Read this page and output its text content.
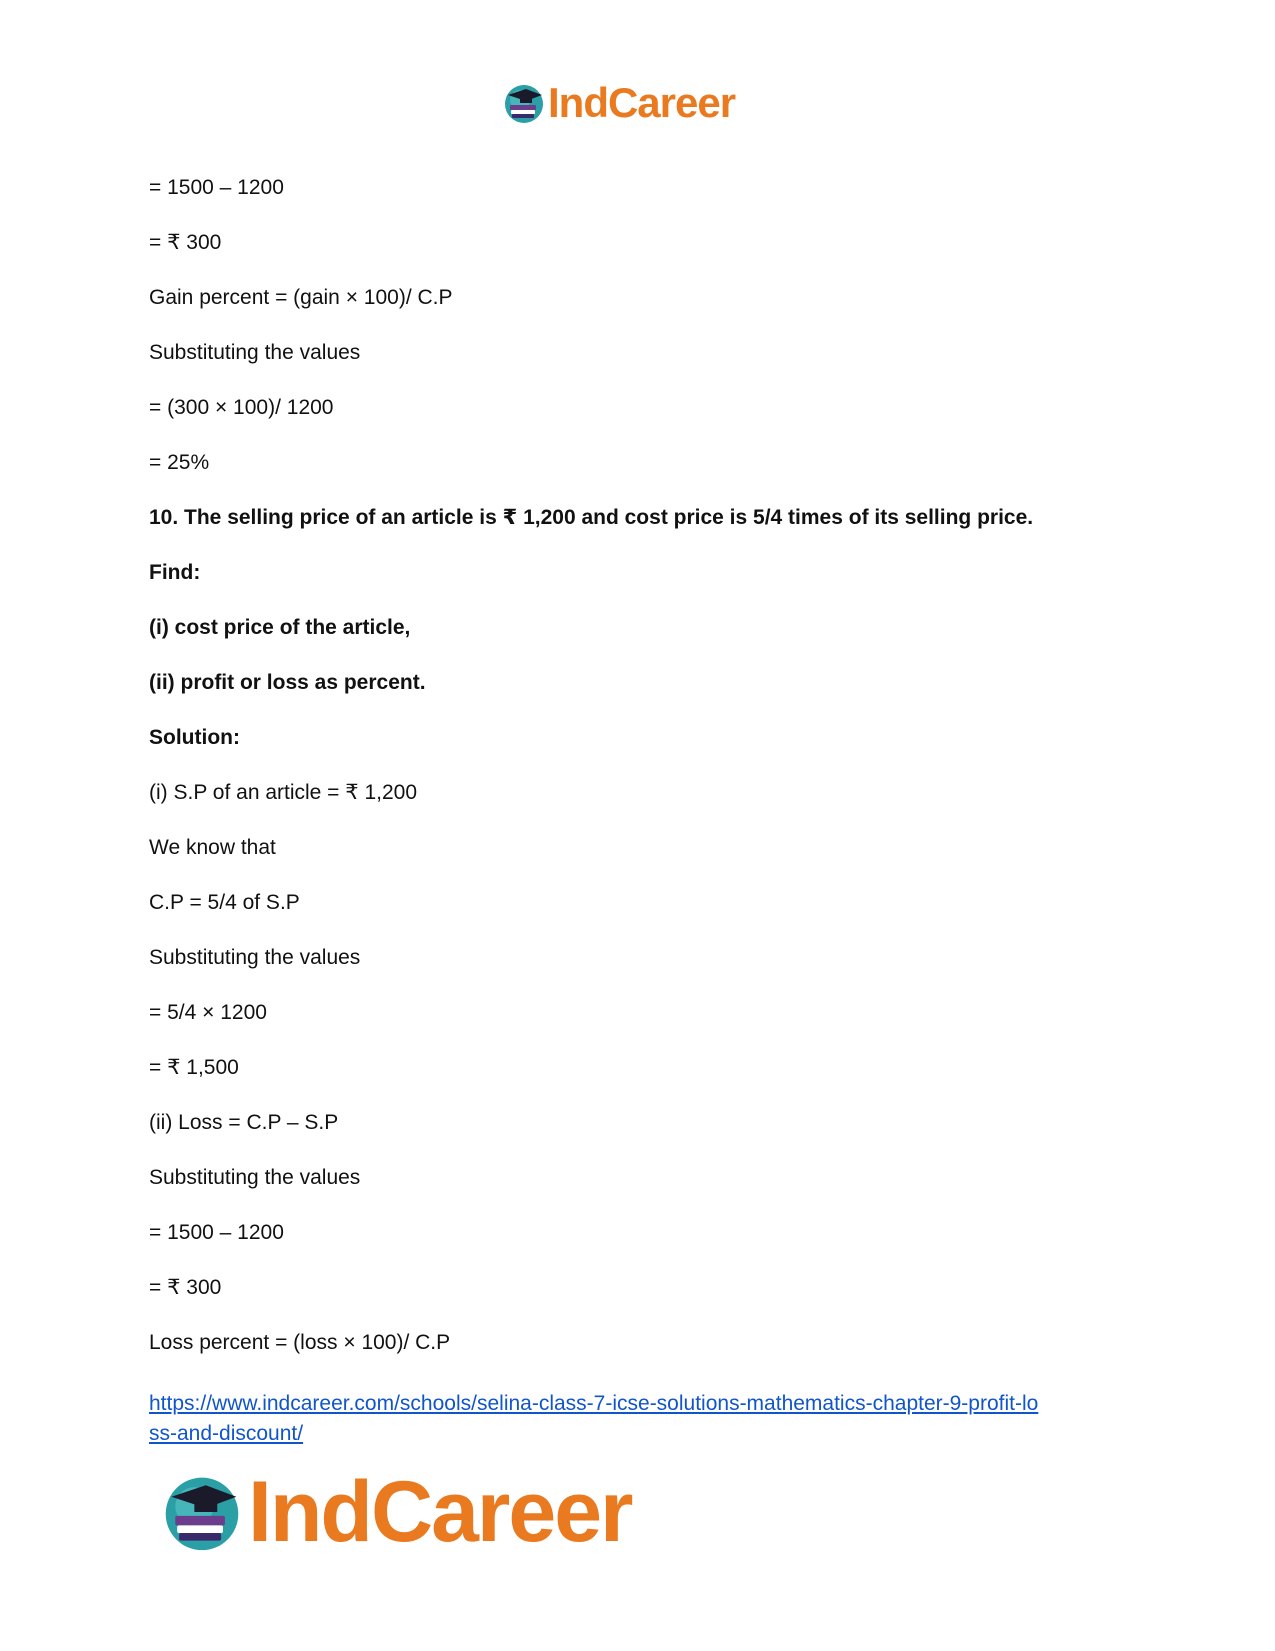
IndCareer
= 1500 – 1200
= ₹ 300
Gain percent = (gain × 100)/ C.P
Substituting the values
= (300 × 100)/ 1200
= 25%
10. The selling price of an article is ₹ 1,200 and cost price is 5/4 times of its selling price.
Find:
(i) cost price of the article,
(ii) profit or loss as percent.
Solution:
(i) S.P of an article = ₹ 1,200
We know that
C.P = 5/4 of S.P
Substituting the values
= 5/4 × 1200
= ₹ 1,500
(ii) Loss = C.P – S.P
Substituting the values
= 1500 – 1200
= ₹ 300
Loss percent = (loss × 100)/ C.P
https://www.indcareer.com/schools/selina-class-7-icse-solutions-mathematics-chapter-9-profit-lo
ss-and-discount/
IndCareer
